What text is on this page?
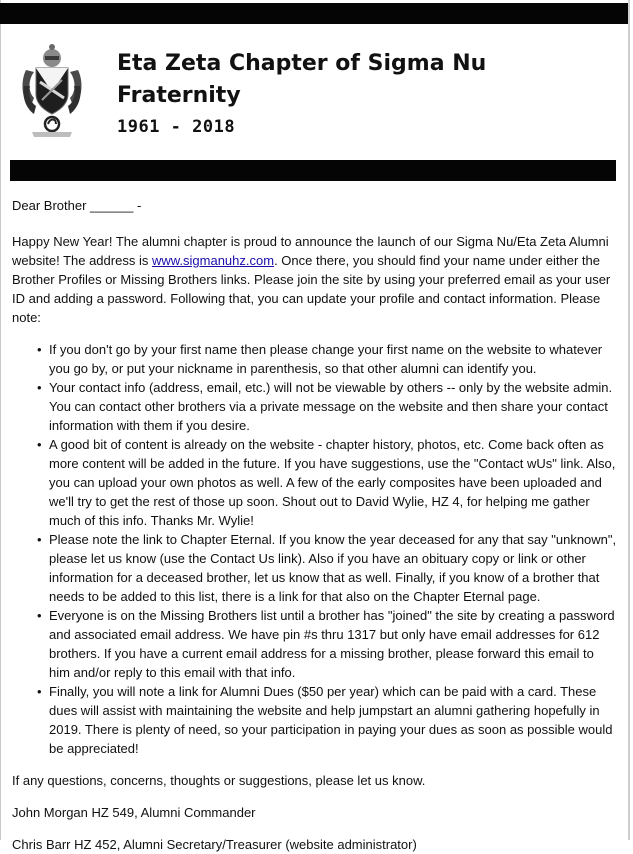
Eta Zeta Chapter of Sigma Nu Fraternity
1961 - 2018

Dear Brother ______ -

Happy New Year! The alumni chapter is proud to announce the launch of our Sigma Nu/Eta Zeta Alumni website! The address is www.sigmanuhz.com. Once there, you should find your name under either the Brother Profiles or Missing Brothers links. Please join the site by using your preferred email as your user ID and adding a password. Following that, you can update your profile and contact information. Please note:

• If you don't go by your first name then please change your first name on the website to whatever you go by, or put your nickname in parenthesis, so that other alumni can identify you.
• Your contact info (address, email, etc.) will not be viewable by others -- only by the website admin. You can contact other brothers via a private message on the website and then share your contact information with them if you desire.
• A good bit of content is already on the website - chapter history, photos, etc. Come back often as more content will be added in the future. If you have suggestions, use the "Contact wUs" link. Also, you can upload your own photos as well. A few of the early composites have been uploaded and we'll try to get the rest of those up soon. Shout out to David Wylie, HZ 4, for helping me gather much of this info. Thanks Mr. Wylie!
• Please note the link to Chapter Eternal. If you know the year deceased for any that say "unknown", please let us know (use the Contact Us link). Also if you have an obituary copy or link or other information for a deceased brother, let us know that as well. Finally, if you know of a brother that needs to be added to this list, there is a link for that also on the Chapter Eternal page.
• Everyone is on the Missing Brothers list until a brother has "joined" the site by creating a password and associated email address. We have pin #s thru 1317 but only have email addresses for 612 brothers. If you have a current email address for a missing brother, please forward this email to him and/or reply to this email with that info.
• Finally, you will note a link for Alumni Dues ($50 per year) which can be paid with a card. These dues will assist with maintaining the website and help jumpstart an alumni gathering hopefully in 2019. There is plenty of need, so your participation in paying your dues as soon as possible would be appreciated!

If any questions, concerns, thoughts or suggestions, please let us know.

John Morgan HZ 549, Alumni Commander

Chris Barr HZ 452, Alumni Secretary/Treasurer (website administrator)
